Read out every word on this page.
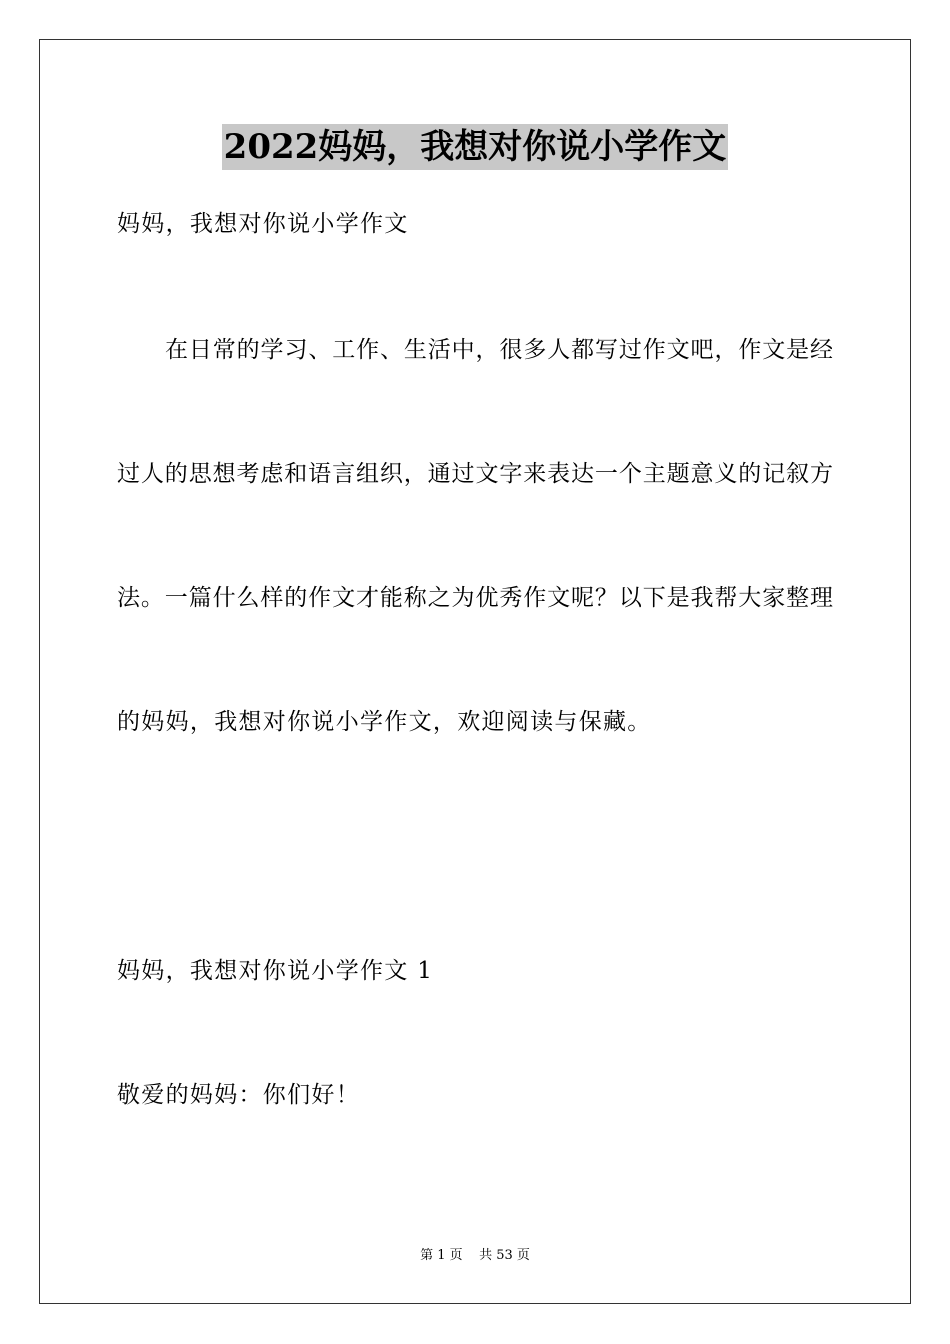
2022妈妈，我想对你说小学作文
妈妈，我想对你说小学作文
在日常的学习、工作、生活中，很多人都写过作文吧，作文是经
过人的思想考虑和语言组织，通过文字来表达一个主题意义的记叙方
法。一篇什么样的作文才能称之为优秀作文呢？以下是我帮大家整理
的妈妈，我想对你说小学作文，欢迎阅读与保藏。
妈妈，我想对你说小学作文 1
敬爱的妈妈：你们好！
第 1 页    共 53 页
